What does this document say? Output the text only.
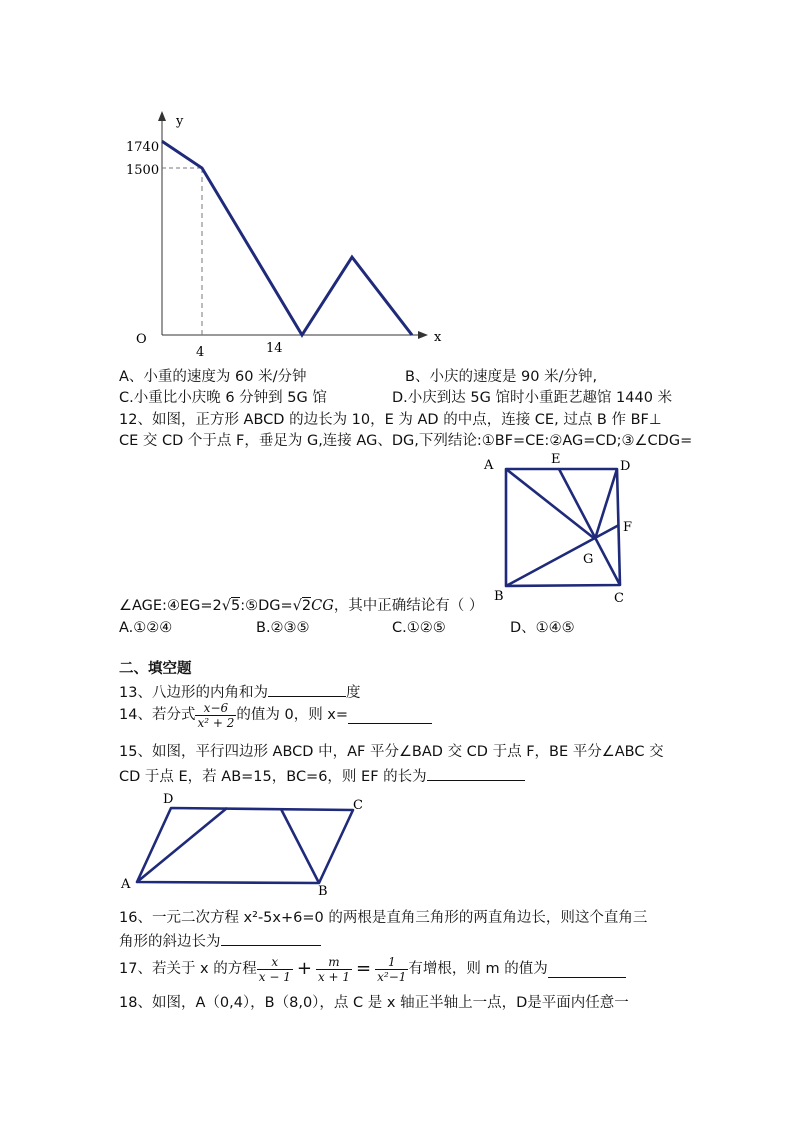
y
x
O
1740
1500
4	14
A、小重的速度为 60 米/分钟	B、小庆的速度是 90 米/分钟,
C.小重比小庆晚 6 分钟到 5G 馆	D.小庆到达 5G 馆时小重距艺趣馆 1440 米
12、如图，正方形 ABCD 的边长为 10，E 为 AD 的中点，连接 CE, 过点 B 作 BF⊥
CE 交 CD 个于点 F，垂足为 G,连接 AG、DG,下列结论:①BF=CE:②AG=CD;③∠CDG=
A	E	D
F
G
B	C
∠AGE:④EG=2√5:⑤DG=√2CG，其中正确结论有（ ）
A.①②④	B.②③⑤	C.①②⑤	D、①④⑤
二、填空题
13、八边形的内角和为	度
14、若分式 $\frac{x-6}{\text{x² + 2}}$ 的值为 0，则 x=
15、如图，平行四边形 ABCD 中，AF 平分∠BAD 交 CD 于点 F，BE 平分∠ABC 交
CD 于点 E，若 AB=15，BC=6，则 EF 的长为
D	C
A	B
16、一元二次方程 x²-5x+6=0 的两根是直角三角形的两直角边长，则这个直角三
角形的斜边长为
17、若关于 x 的方程 $\frac{x}{x - 1} + \frac{m}{x + 1} = \frac{1}{\text{x²−1}}$ 有增根，则 m 的值为
18、如图，A（0,4），B（8,0），点 C 是 x 轴正半轴上一点，D是平面内任意一
